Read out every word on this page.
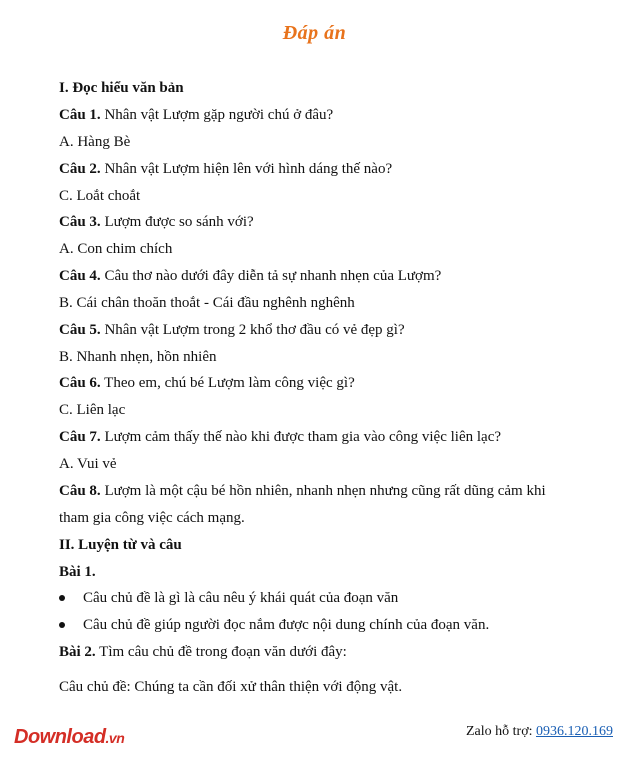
Đáp án
I. Đọc hiểu văn bản
Câu 1. Nhân vật Lượm gặp người chú ở đâu?
A. Hàng Bè
Câu 2. Nhân vật Lượm hiện lên với hình dáng thế nào?
C. Loắt choắt
Câu 3. Lượm được so sánh với?
A. Con chim chích
Câu 4. Câu thơ nào dưới đây diễn tả sự nhanh nhẹn của Lượm?
B. Cái chân thoăn thoắt - Cái đầu nghênh nghênh
Câu 5. Nhân vật Lượm trong 2 khổ thơ đầu có vẻ đẹp gì?
B. Nhanh nhẹn, hồn nhiên
Câu 6. Theo em, chú bé Lượm làm công việc gì?
C. Liên lạc
Câu 7. Lượm cảm thấy thế nào khi được tham gia vào công việc liên lạc?
A. Vui vẻ
Câu 8. Lượm là một cậu bé hồn nhiên, nhanh nhẹn nhưng cũng rất dũng cảm khi
tham gia công việc cách mạng.
II. Luyện từ và câu
Bài 1.
Câu chủ đề là gì là câu nêu ý khái quát của đoạn văn
Câu chủ đề giúp người đọc nắm được nội dung chính của đoạn văn.
Bài 2. Tìm câu chủ đề trong đoạn văn dưới đây:
Câu chủ đề: Chúng ta cần đối xử thân thiện với động vật.
Download.vn	Zalo hỗ trợ: 0936.120.169
